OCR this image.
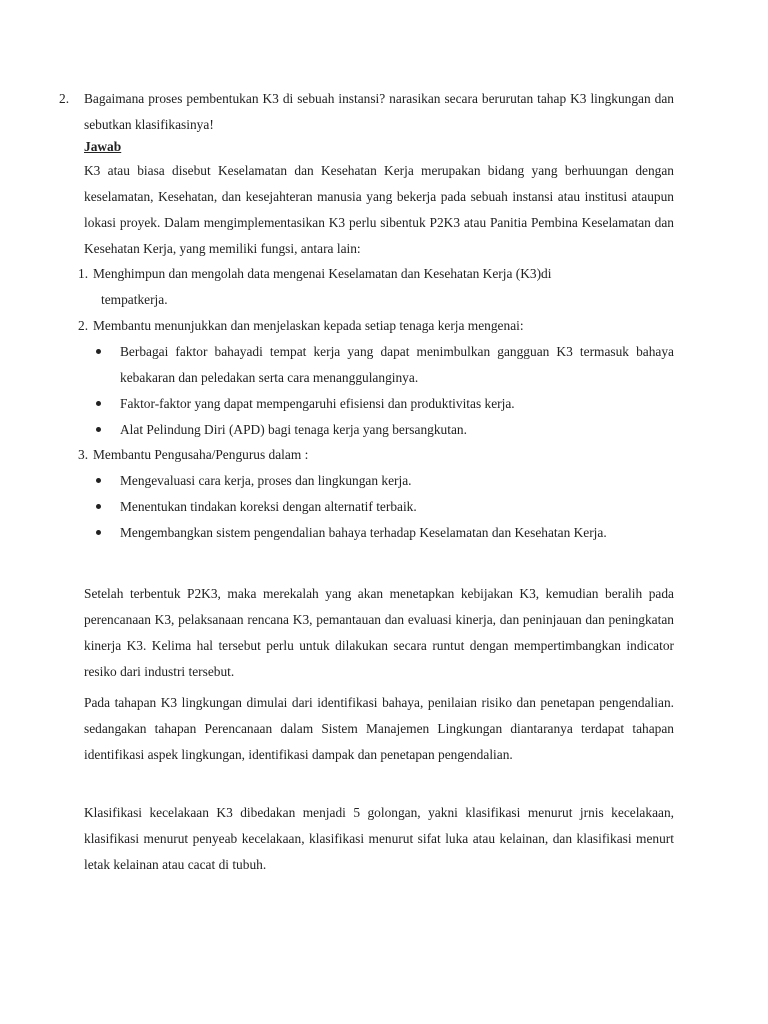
2. Bagaimana proses pembentukan K3 di sebuah instansi? narasikan secara berurutan tahap K3 lingkungan dan sebutkan klasifikasinya!
Jawab
K3 atau biasa disebut Keselamatan dan Kesehatan Kerja merupakan bidang yang berhuungan dengan keselamatan, Kesehatan, dan kesejahteran manusia yang bekerja pada sebuah instansi atau institusi ataupun lokasi proyek. Dalam mengimplementasikan K3 perlu sibentuk P2K3 atau Panitia Pembina Keselamatan dan Kesehatan Kerja, yang memiliki fungsi, antara lain:
1. Menghimpun dan mengolah data mengenai Keselamatan dan Kesehatan Kerja (K3)di
tempatkerja.
2. Membantu menunjukkan dan menjelaskan kepada setiap tenaga kerja mengenai:
Berbagai faktor bahayadi tempat kerja yang dapat menimbulkan gangguan K3 termasuk bahaya kebakaran dan peledakan serta cara menanggulanginya.
Faktor-faktor yang dapat mempengaruhi efisiensi dan produktivitas kerja.
Alat Pelindung Diri (APD) bagi tenaga kerja yang bersangkutan.
3. Membantu Pengusaha/Pengurus dalam :
Mengevaluasi cara kerja, proses dan lingkungan kerja.
Menentukan tindakan koreksi dengan alternatif terbaik.
Mengembangkan sistem pengendalian bahaya terhadap Keselamatan dan Kesehatan Kerja.
Setelah terbentuk P2K3, maka merekalah yang akan menetapkan kebijakan K3, kemudian beralih pada perencanaan K3, pelaksanaan rencana K3, pemantauan dan evaluasi kinerja, dan peninjauan dan peningkatan kinerja K3. Kelima hal tersebut perlu untuk dilakukan secara runtut dengan mempertimbangkan indicator resiko dari industri tersebut.
Pada tahapan K3 lingkungan dimulai dari identifikasi bahaya, penilaian risiko dan penetapan pengendalian. sedangakan tahapan Perencanaan dalam Sistem Manajemen Lingkungan diantaranya terdapat tahapan identifikasi aspek lingkungan, identifikasi dampak dan penetapan pengendalian.
Klasifikasi kecelakaan K3 dibedakan menjadi 5 golongan, yakni klasifikasi menurut jrnis kecelakaan, klasifikasi menurut penyeab kecelakaan, klasifikasi menurut sifat luka atau kelainan, dan klasifikasi menurt letak kelainan atau cacat di tubuh.
